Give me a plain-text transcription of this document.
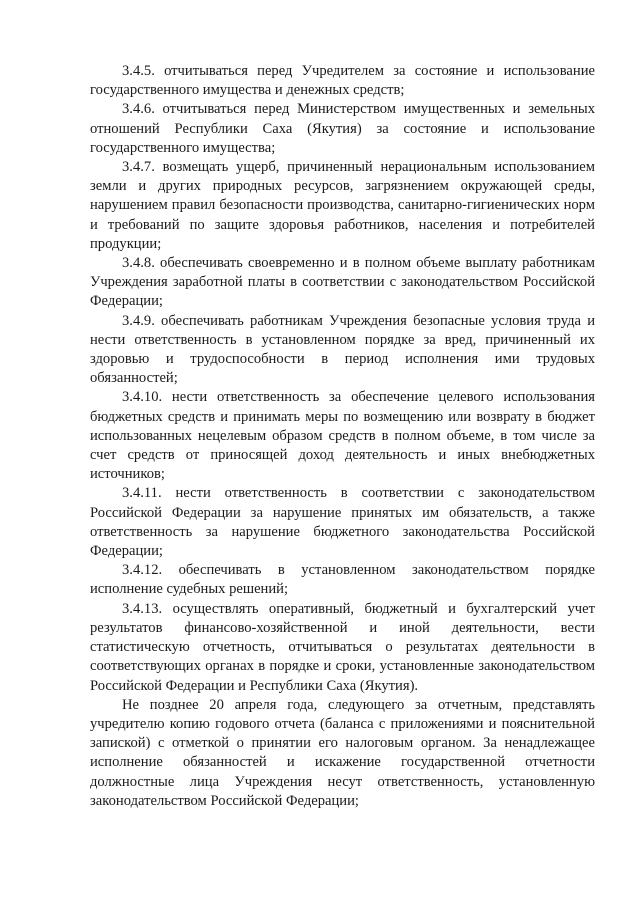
3.4.5. отчитываться перед Учредителем за состояние и использование государственного имущества и денежных средств;

3.4.6. отчитываться перед Министерством имущественных и земельных отношений Республики Саха (Якутия) за состояние и использование государственного имущества;

3.4.7. возмещать ущерб, причиненный нерациональным использованием земли и других природных ресурсов, загрязнением окружающей среды, нарушением правил безопасности производства, санитарно-гигиенических норм и требований по защите здоровья работников, населения и потребителей продукции;

3.4.8. обеспечивать своевременно и в полном объеме выплату работникам Учреждения заработной платы в соответствии с законодательством Российской Федерации;

3.4.9. обеспечивать работникам Учреждения безопасные условия труда и нести ответственность в установленном порядке за вред, причиненный их здоровью и трудоспособности в период исполнения ими трудовых обязанностей;

3.4.10. нести ответственность за обеспечение целевого использования бюджетных средств и принимать меры по возмещению или возврату в бюджет использованных нецелевым образом средств в полном объеме, в том числе за счет средств от приносящей доход деятельность и иных внебюджетных источников;

3.4.11. нести ответственность в соответствии с законодательством Российской Федерации за нарушение принятых им обязательств, а также ответственность за нарушение бюджетного законодательства Российской Федерации;

3.4.12. обеспечивать в установленном законодательством порядке исполнение судебных решений;

3.4.13. осуществлять оперативный, бюджетный и бухгалтерский учет результатов финансово-хозяйственной и иной деятельности, вести статистическую отчетность, отчитываться о результатах деятельности в соответствующих органах в порядке и сроки, установленные законодательством Российской Федерации и Республики Саха (Якутия).

Не позднее 20 апреля года, следующего за отчетным, представлять учредителю копию годового отчета (баланса с приложениями и пояснительной запиской) с отметкой о принятии его налоговым органом. За ненадлежащее исполнение обязанностей и искажение государственной отчетности должностные лица Учреждения несут ответственность, установленную законодательством Российской Федерации;
